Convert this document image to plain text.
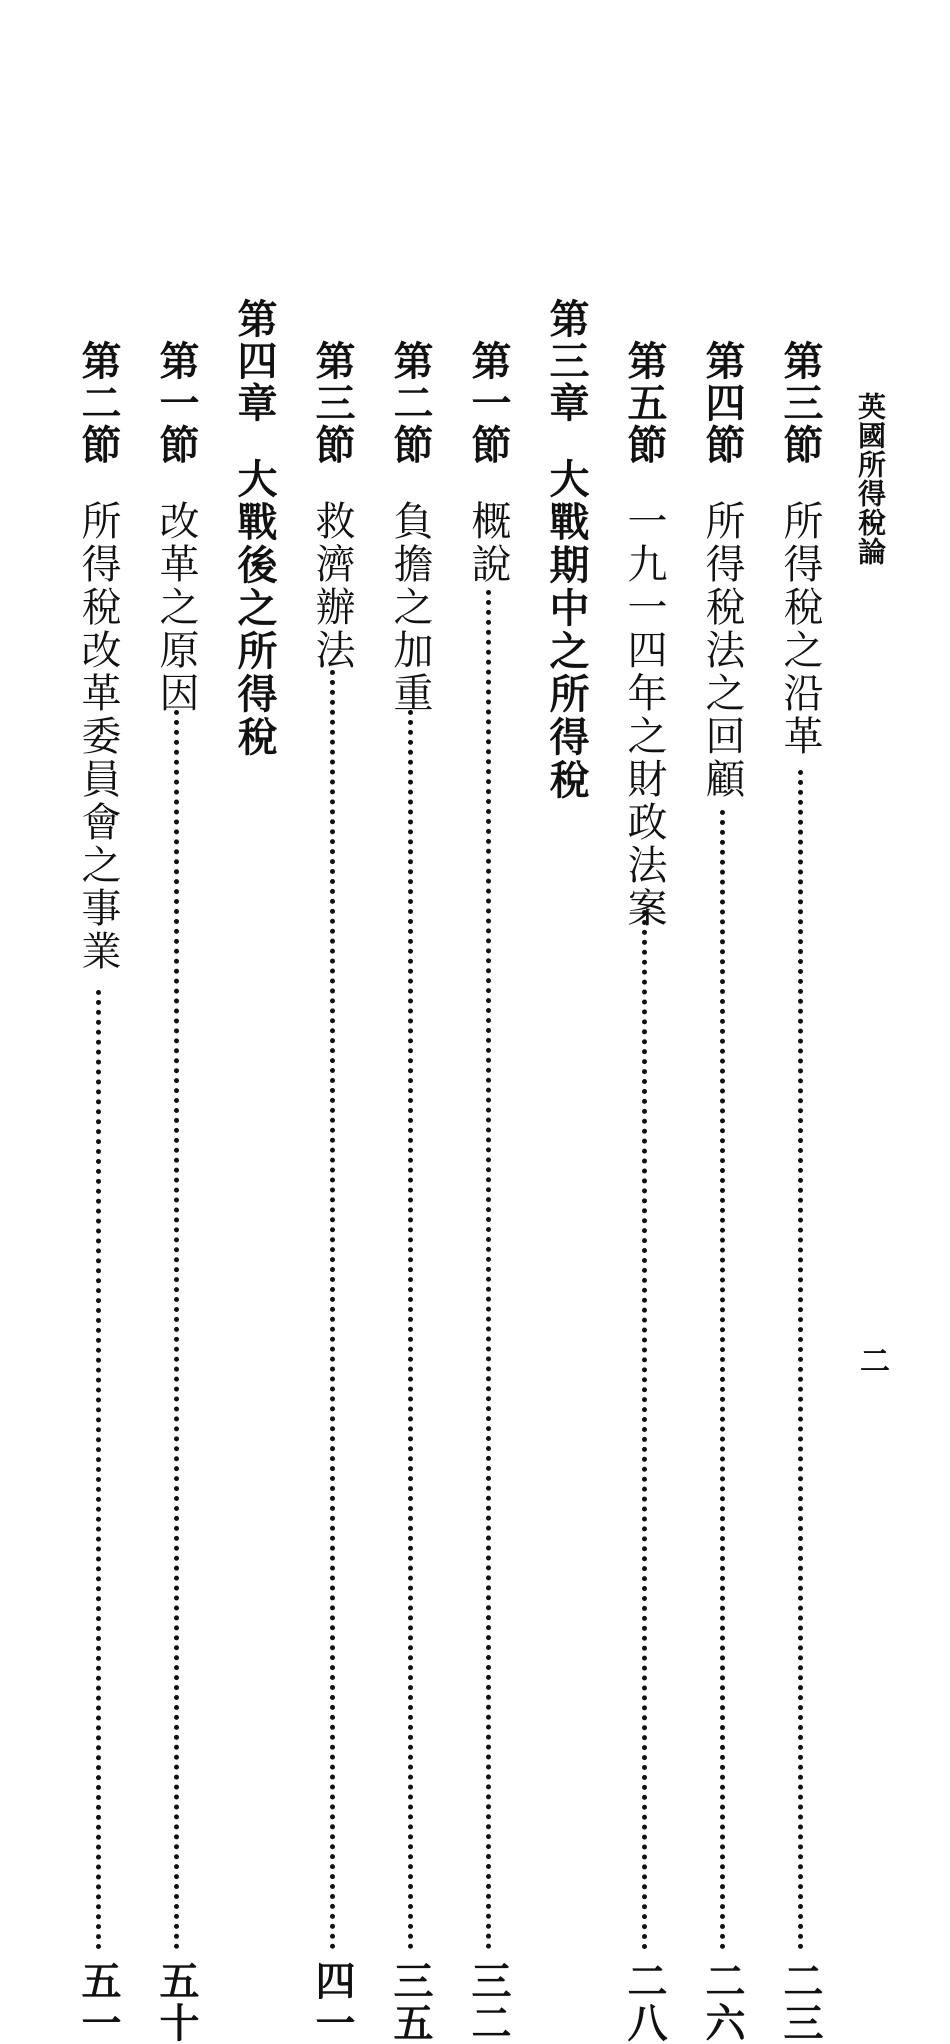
英國所得稅論
二
第三節
所得稅之沿革
二三
第四節
所得稅法之回顧
二六
第五節
一九一四年之財政法案
二八
第三章
大戰期中之所得稅
第一節
概說
三二
第二節
負擔之加重
三五
第三節
救濟辦法
四一
第四章
大戰後之所得稅
第一節
改革之原因
五十
第二節
所得稅改革委員會之事業
五一
